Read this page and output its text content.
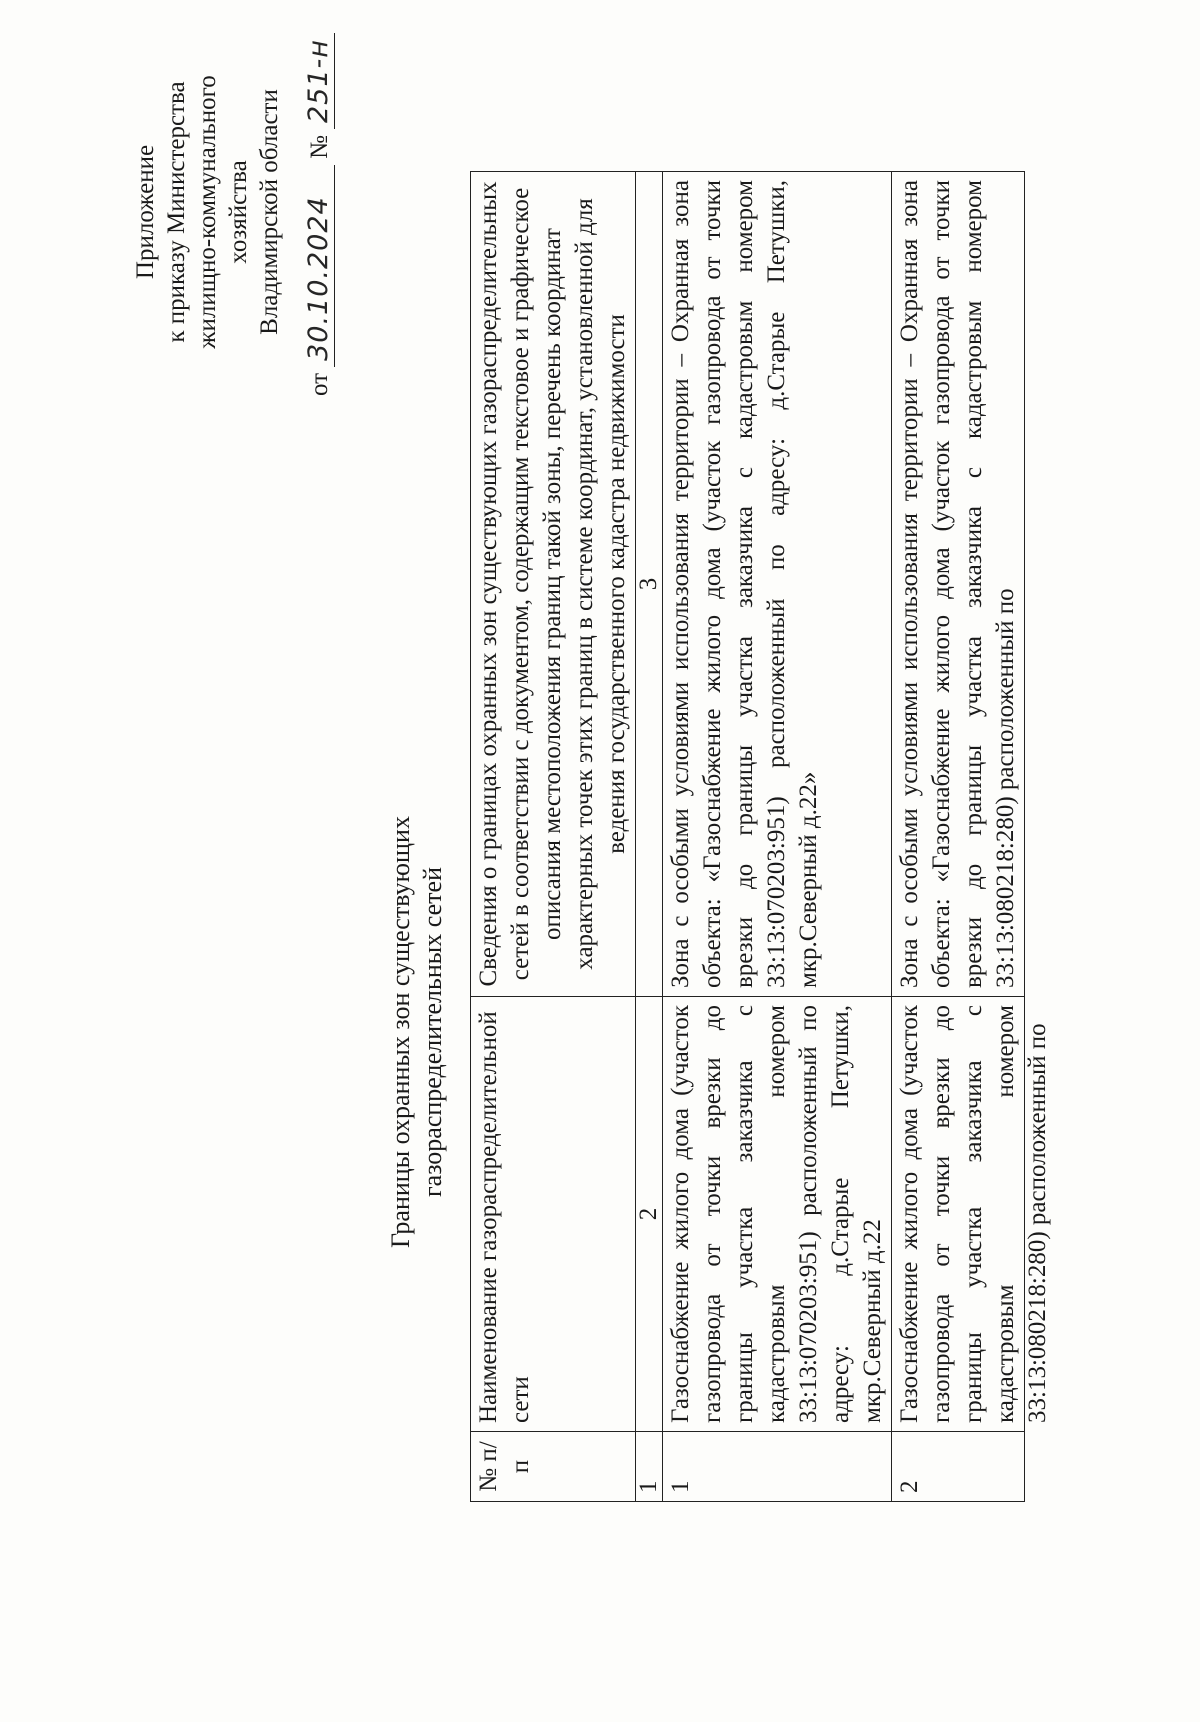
Приложение к приказу Министерства жилищно-коммунального хозяйства Владимирской области
от
30.10.2024
№
251-н
Границы охранных зон существующих газораспределительных сетей
№ п/п	Наименование газораспределительной сети	Сведения о границах охранных зон существующих газораспределительных сетей в соответствии с документом, содержащим текстовое и графическое описания местоположения границ такой зоны, перечень координат характерных точек этих границ в системе координат, установленной для ведения государственного кадастра недвижимости
1	2	3
1	Газоснабжение жилого дома (участок газопровода от точки врезки до границы участка заказчика с кадастровым номером 33:13:070203:951) расположенный по адресу: д.Старые Петушки, мкр.Северный д.22	Зона с особыми условиями использования территории – Охранная зона объекта: «Газоснабжение жилого дома (участок газопровода от точки врезки до границы участка заказчика с кадастровым номером 33:13:070203:951) расположенный по адресу: д.Старые Петушки, мкр.Северный д.22»
2	Газоснабжение жилого дома (участок газопровода от точки врезки до границы участка заказчика с кадастровым номером 33:13:080218:280) расположенный по	Зона с особыми условиями использования территории – Охранная зона объекта: «Газоснабжение жилого дома (участок газопровода от точки врезки до границы участка заказчика с кадастровым номером 33:13:080218:280) расположенный по
